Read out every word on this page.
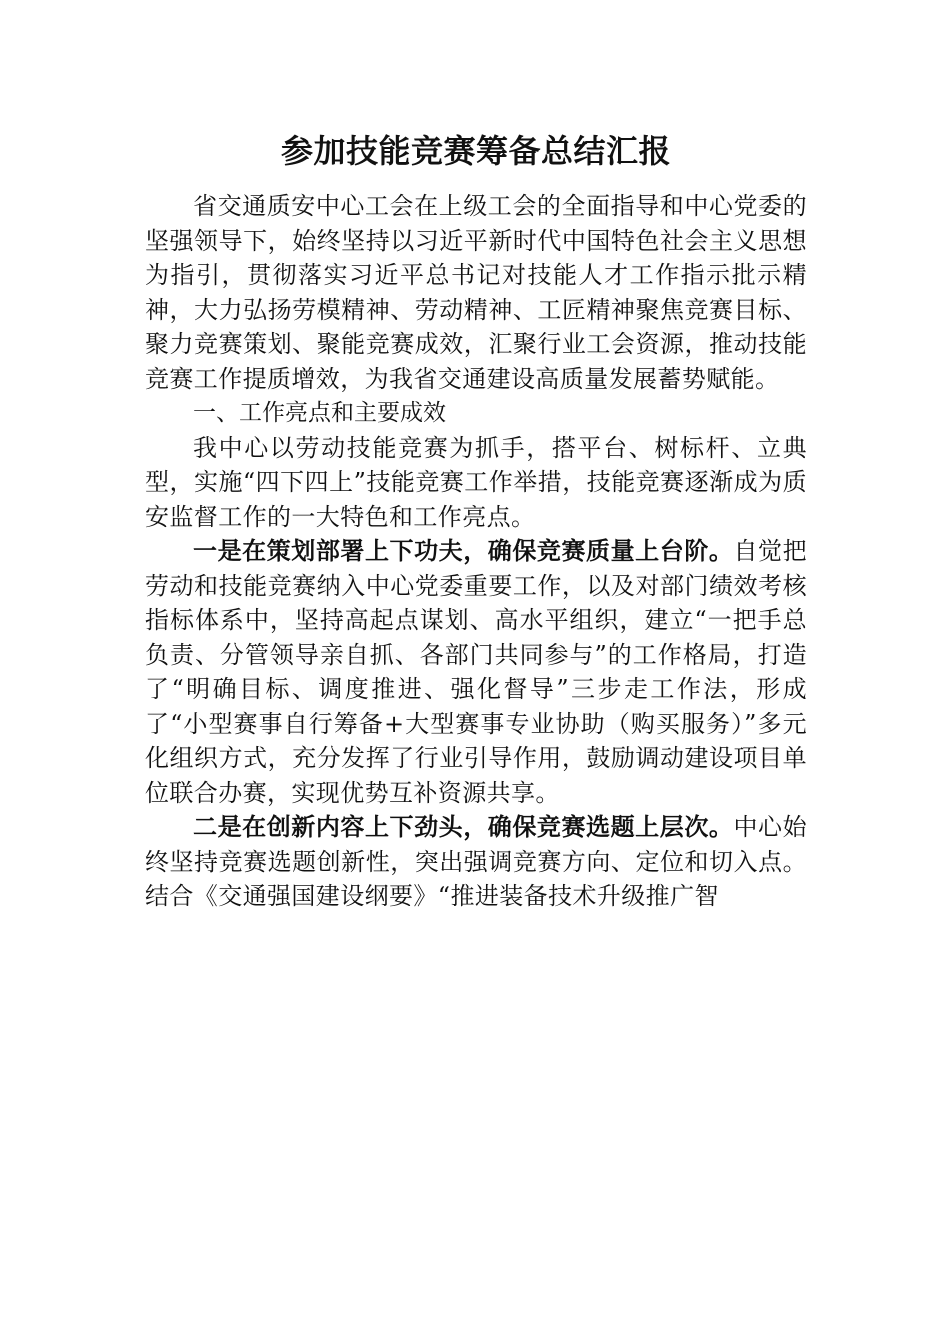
参加技能竞赛筹备总结汇报

省交通质安中心工会在上级工会的全面指导和中心党委的坚强领导下，始终坚持以习近平新时代中国特色社会主义思想为指引，贯彻落实习近平总书记对技能人才工作指示批示精神，大力弘扬劳模精神、劳动精神、工匠精神聚焦竞赛目标、聚力竞赛策划、聚能竞赛成效，汇聚行业工会资源，推动技能竞赛工作提质增效，为我省交通建设高质量发展蓄势赋能。

一、工作亮点和主要成效

我中心以劳动技能竞赛为抓手，搭平台、树标杆、立典型，实施“四下四上”技能竞赛工作举措，技能竞赛逐渐成为质安监督工作的一大特色和工作亮点。

一是在策划部署上下功夫，确保竞赛质量上台阶。自觉把劳动和技能竞赛纳入中心党委重要工作，以及对部门绩效考核指标体系中，坚持高起点谋划、高水平组织，建立“一把手总负责、分管领导亲自抓、各部门共同参与”的工作格局，打造了“明确目标、调度推进、强化督导”三步走工作法，形成了“小型赛事自行筹备+大型赛事专业协助（购买服务）”多元化组织方式，充分发挥了行业引导作用，鼓励调动建设项目单位联合办赛，实现优势互补资源共享。

二是在创新内容上下劲头，确保竞赛选题上层次。中心始终坚持竞赛选题创新性，突出强调竞赛方向、定位和切入点。结合《交通强国建设纲要》“推进装备技术升级推广智
